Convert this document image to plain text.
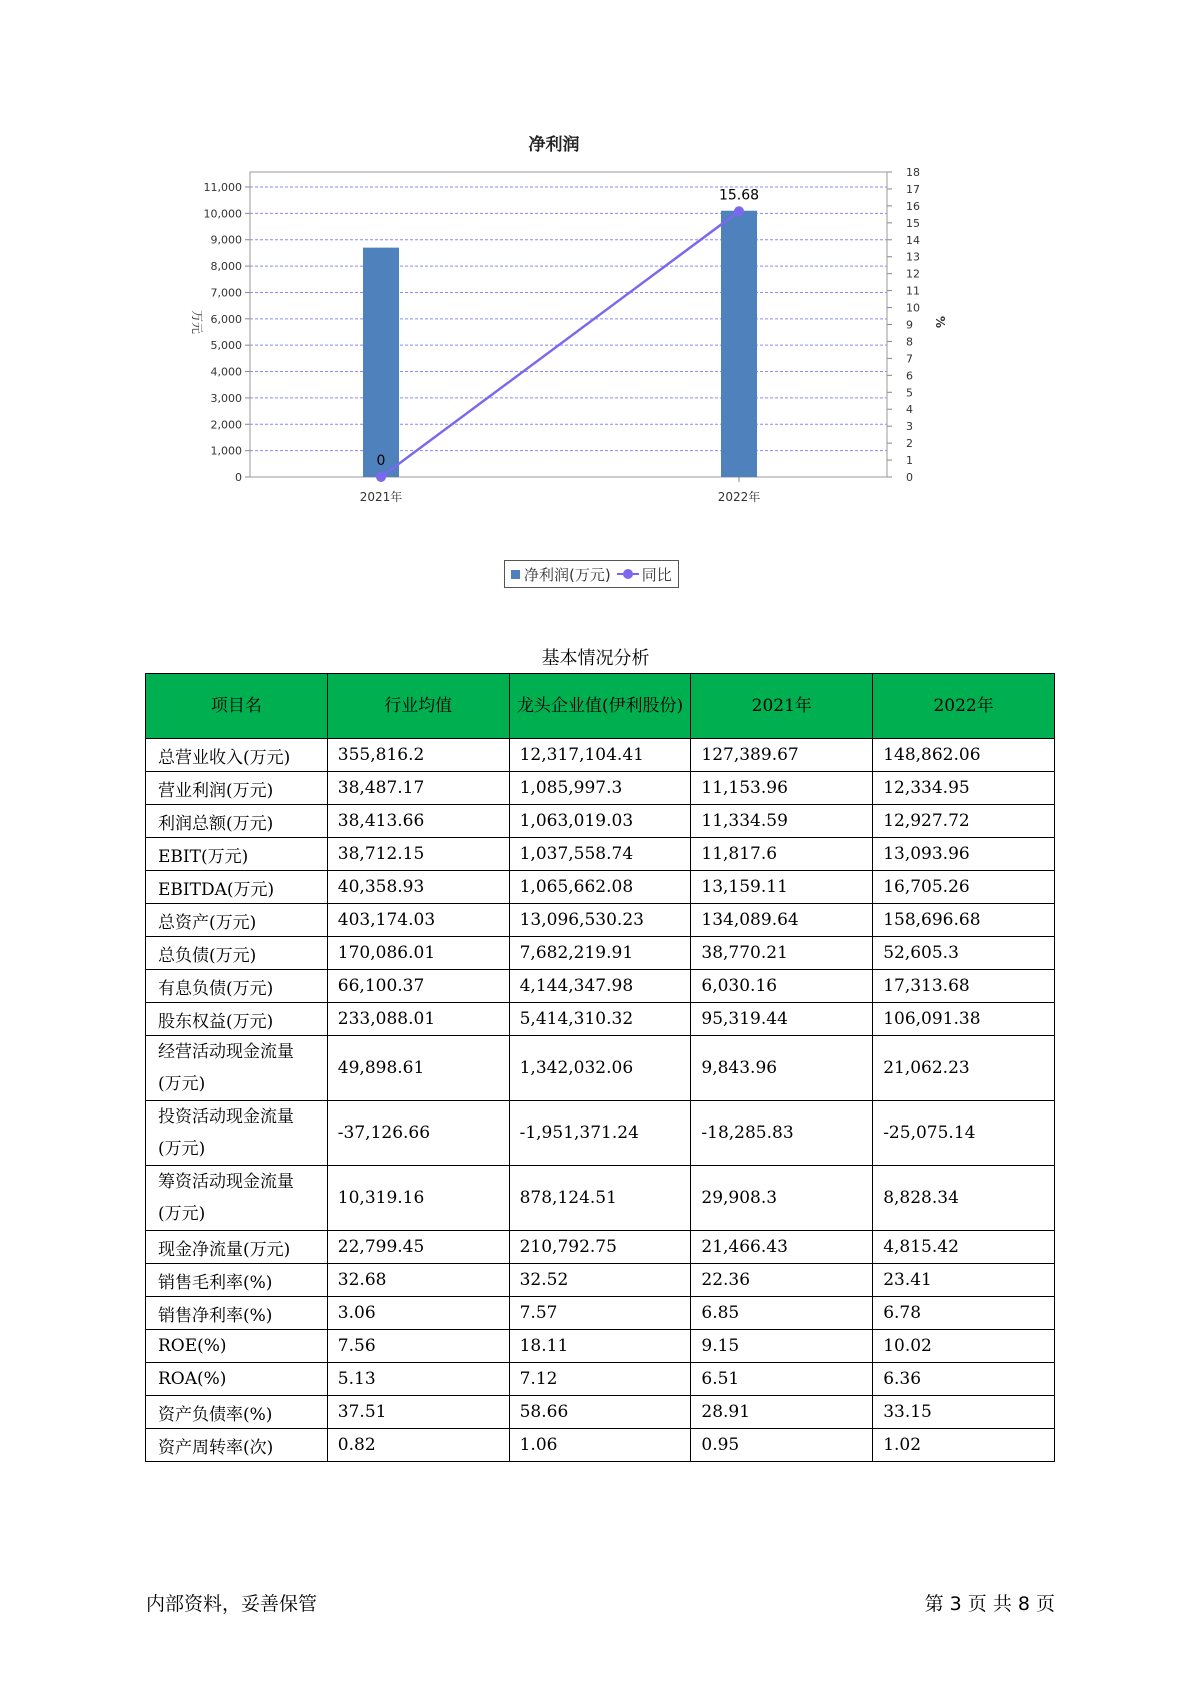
净利润
0
1,000
2,000
3,000
4,000
5,000
6,000
7,000
8,000
9,000
10,000
11,000
0
1
2
3
4
5
6
7
8
9
10
11
12
13
14
15
16
17
18
万元	%
2021年	2022年
0
15.68
净利润(万元) 同比
基本情况分析
项目名	行业均值	龙头企业值(伊利股份)	2021年	2022年
总营业收入(万元)	355,816.2	12,317,104.41	127,389.67	148,862.06
营业利润(万元)	38,487.17	1,085,997.3	11,153.96	12,334.95
利润总额(万元)	38,413.66	1,063,019.03	11,334.59	12,927.72
EBIT(万元)	38,712.15	1,037,558.74	11,817.6	13,093.96
EBITDA(万元)	40,358.93	1,065,662.08	13,159.11	16,705.26
总资产(万元)	403,174.03	13,096,530.23	134,089.64	158,696.68
总负债(万元)	170,086.01	7,682,219.91	38,770.21	52,605.3
有息负债(万元)	66,100.37	4,144,347.98	6,030.16	17,313.68
股东权益(万元)	233,088.01	5,414,310.32	95,319.44	106,091.38
经营活动现金流量(万元)	49,898.61	1,342,032.06	9,843.96	21,062.23
投资活动现金流量(万元)	-37,126.66	-1,951,371.24	-18,285.83	-25,075.14
筹资活动现金流量(万元)	10,319.16	878,124.51	29,908.3	8,828.34
现金净流量(万元)	22,799.45	210,792.75	21,466.43	4,815.42
销售毛利率(%)	32.68	32.52	22.36	23.41
销售净利率(%)	3.06	7.57	6.85	6.78
ROE(%)	7.56	18.11	9.15	10.02
ROA(%)	5.13	7.12	6.51	6.36
资产负债率(%)	37.51	58.66	28.91	33.15
资产周转率(次)	0.82	1.06	0.95	1.02
内部资料，妥善保管	第 3 页 共 8 页
